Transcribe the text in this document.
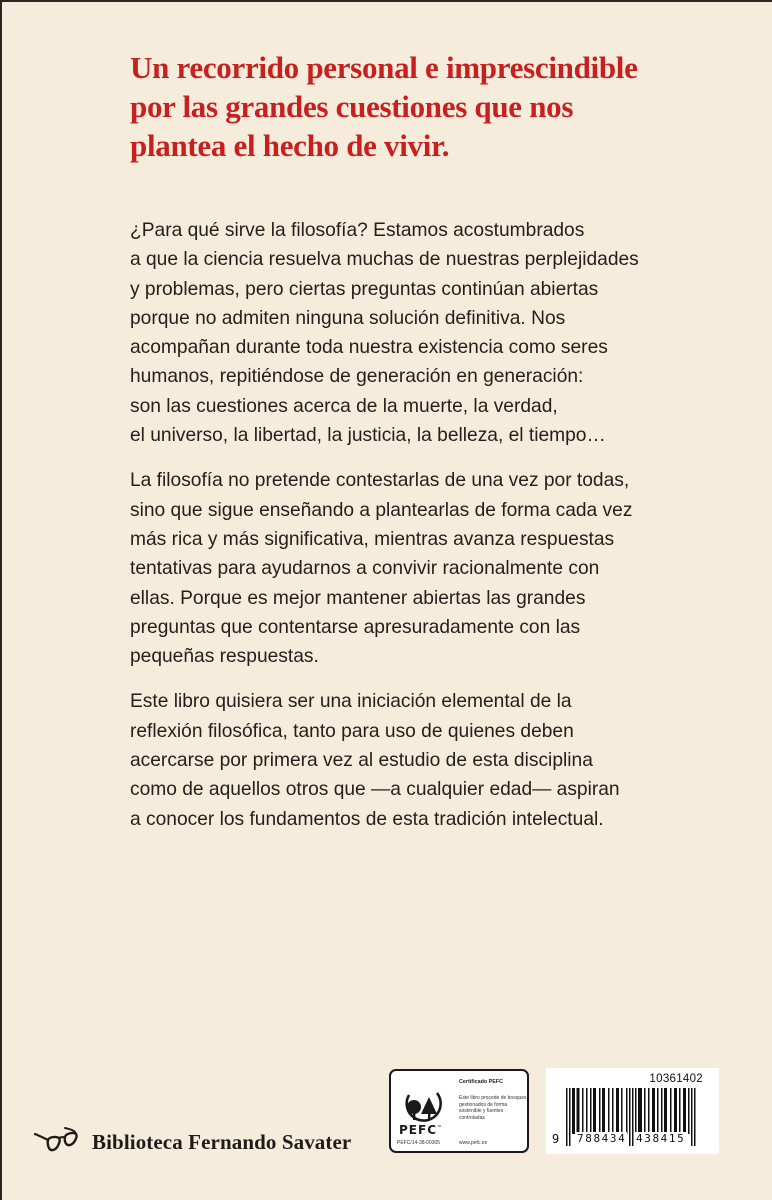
Un recorrido personal e imprescindible
por las grandes cuestiones que nos
plantea el hecho de vivir.

¿Para qué sirve la filosofía? Estamos acostumbrados
a que la ciencia resuelva muchas de nuestras perplejidades
y problemas, pero ciertas preguntas continúan abiertas
porque no admiten ninguna solución definitiva. Nos
acompañan durante toda nuestra existencia como seres
humanos, repitiéndose de generación en generación:
son las cuestiones acerca de la muerte, la verdad,
el universo, la libertad, la justicia, la belleza, el tiempo…

La filosofía no pretende contestarlas de una vez por todas,
sino que sigue enseñando a plantearlas de forma cada vez
más rica y más significativa, mientras avanza respuestas
tentativas para ayudarnos a convivir racionalmente con
ellas. Porque es mejor mantener abiertas las grandes
preguntas que contentarse apresuradamente con las
pequeñas respuestas.

Este libro quisiera ser una iniciación elemental de la
reflexión filosófica, tanto para uso de quienes deben
acercarse por primera vez al estudio de esta disciplina
como de aquellos otros que —a cualquier edad— aspiran
a conocer los fundamentos de esta tradición intelectual.

Biblioteca Fernando Savater	PEFC™
PEFC/14-38-00305
Certificado PEFC
Este libro procede de bosques gestionados de forma sostenible y fuentes controladas
www.pefc.es
10361402
9 788434 438415
